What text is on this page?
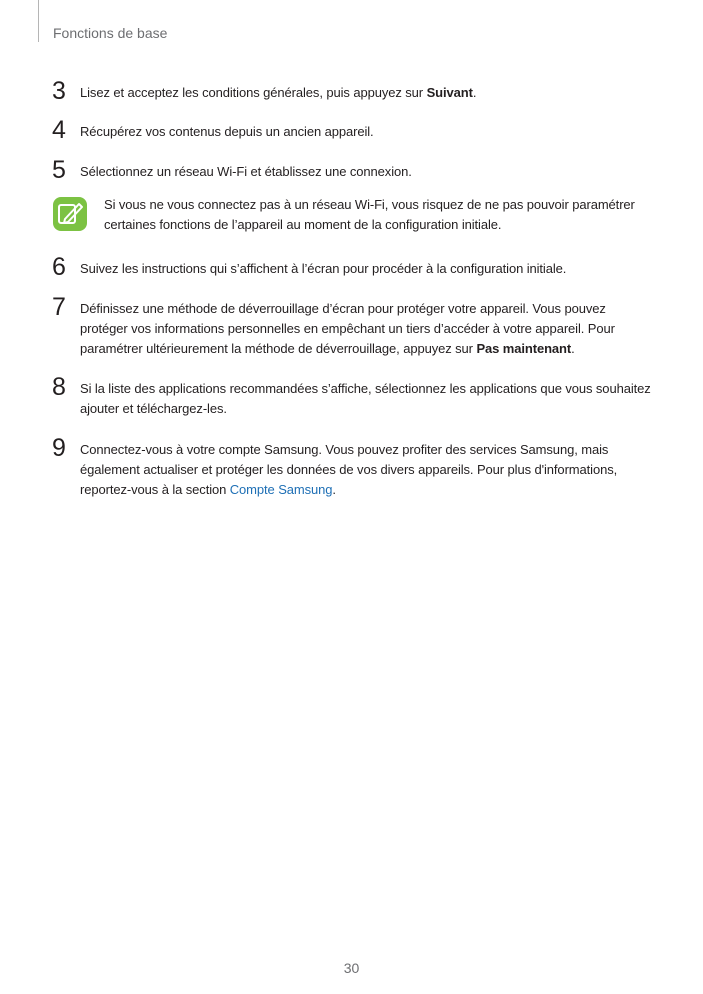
Fonctions de base
3	Lisez et acceptez les conditions générales, puis appuyez sur Suivant.
4	Récupérez vos contenus depuis un ancien appareil.
5	Sélectionnez un réseau Wi-Fi et établissez une connexion.
Si vous ne vous connectez pas à un réseau Wi-Fi, vous risquez de ne pas pouvoir paramétrer certaines fonctions de l’appareil au moment de la configuration initiale.
6	Suivez les instructions qui s’affichent à l’écran pour procéder à la configuration initiale.
7	Définissez une méthode de déverrouillage d’écran pour protéger votre appareil. Vous pouvez protéger vos informations personnelles en empêchant un tiers d’accéder à votre appareil. Pour paramétrer ultérieurement la méthode de déverrouillage, appuyez sur Pas maintenant.
8	Si la liste des applications recommandées s’affiche, sélectionnez les applications que vous souhaitez ajouter et téléchargez-les.
9	Connectez-vous à votre compte Samsung. Vous pouvez profiter des services Samsung, mais également actualiser et protéger les données de vos divers appareils. Pour plus d'informations, reportez-vous à la section Compte Samsung.
30
